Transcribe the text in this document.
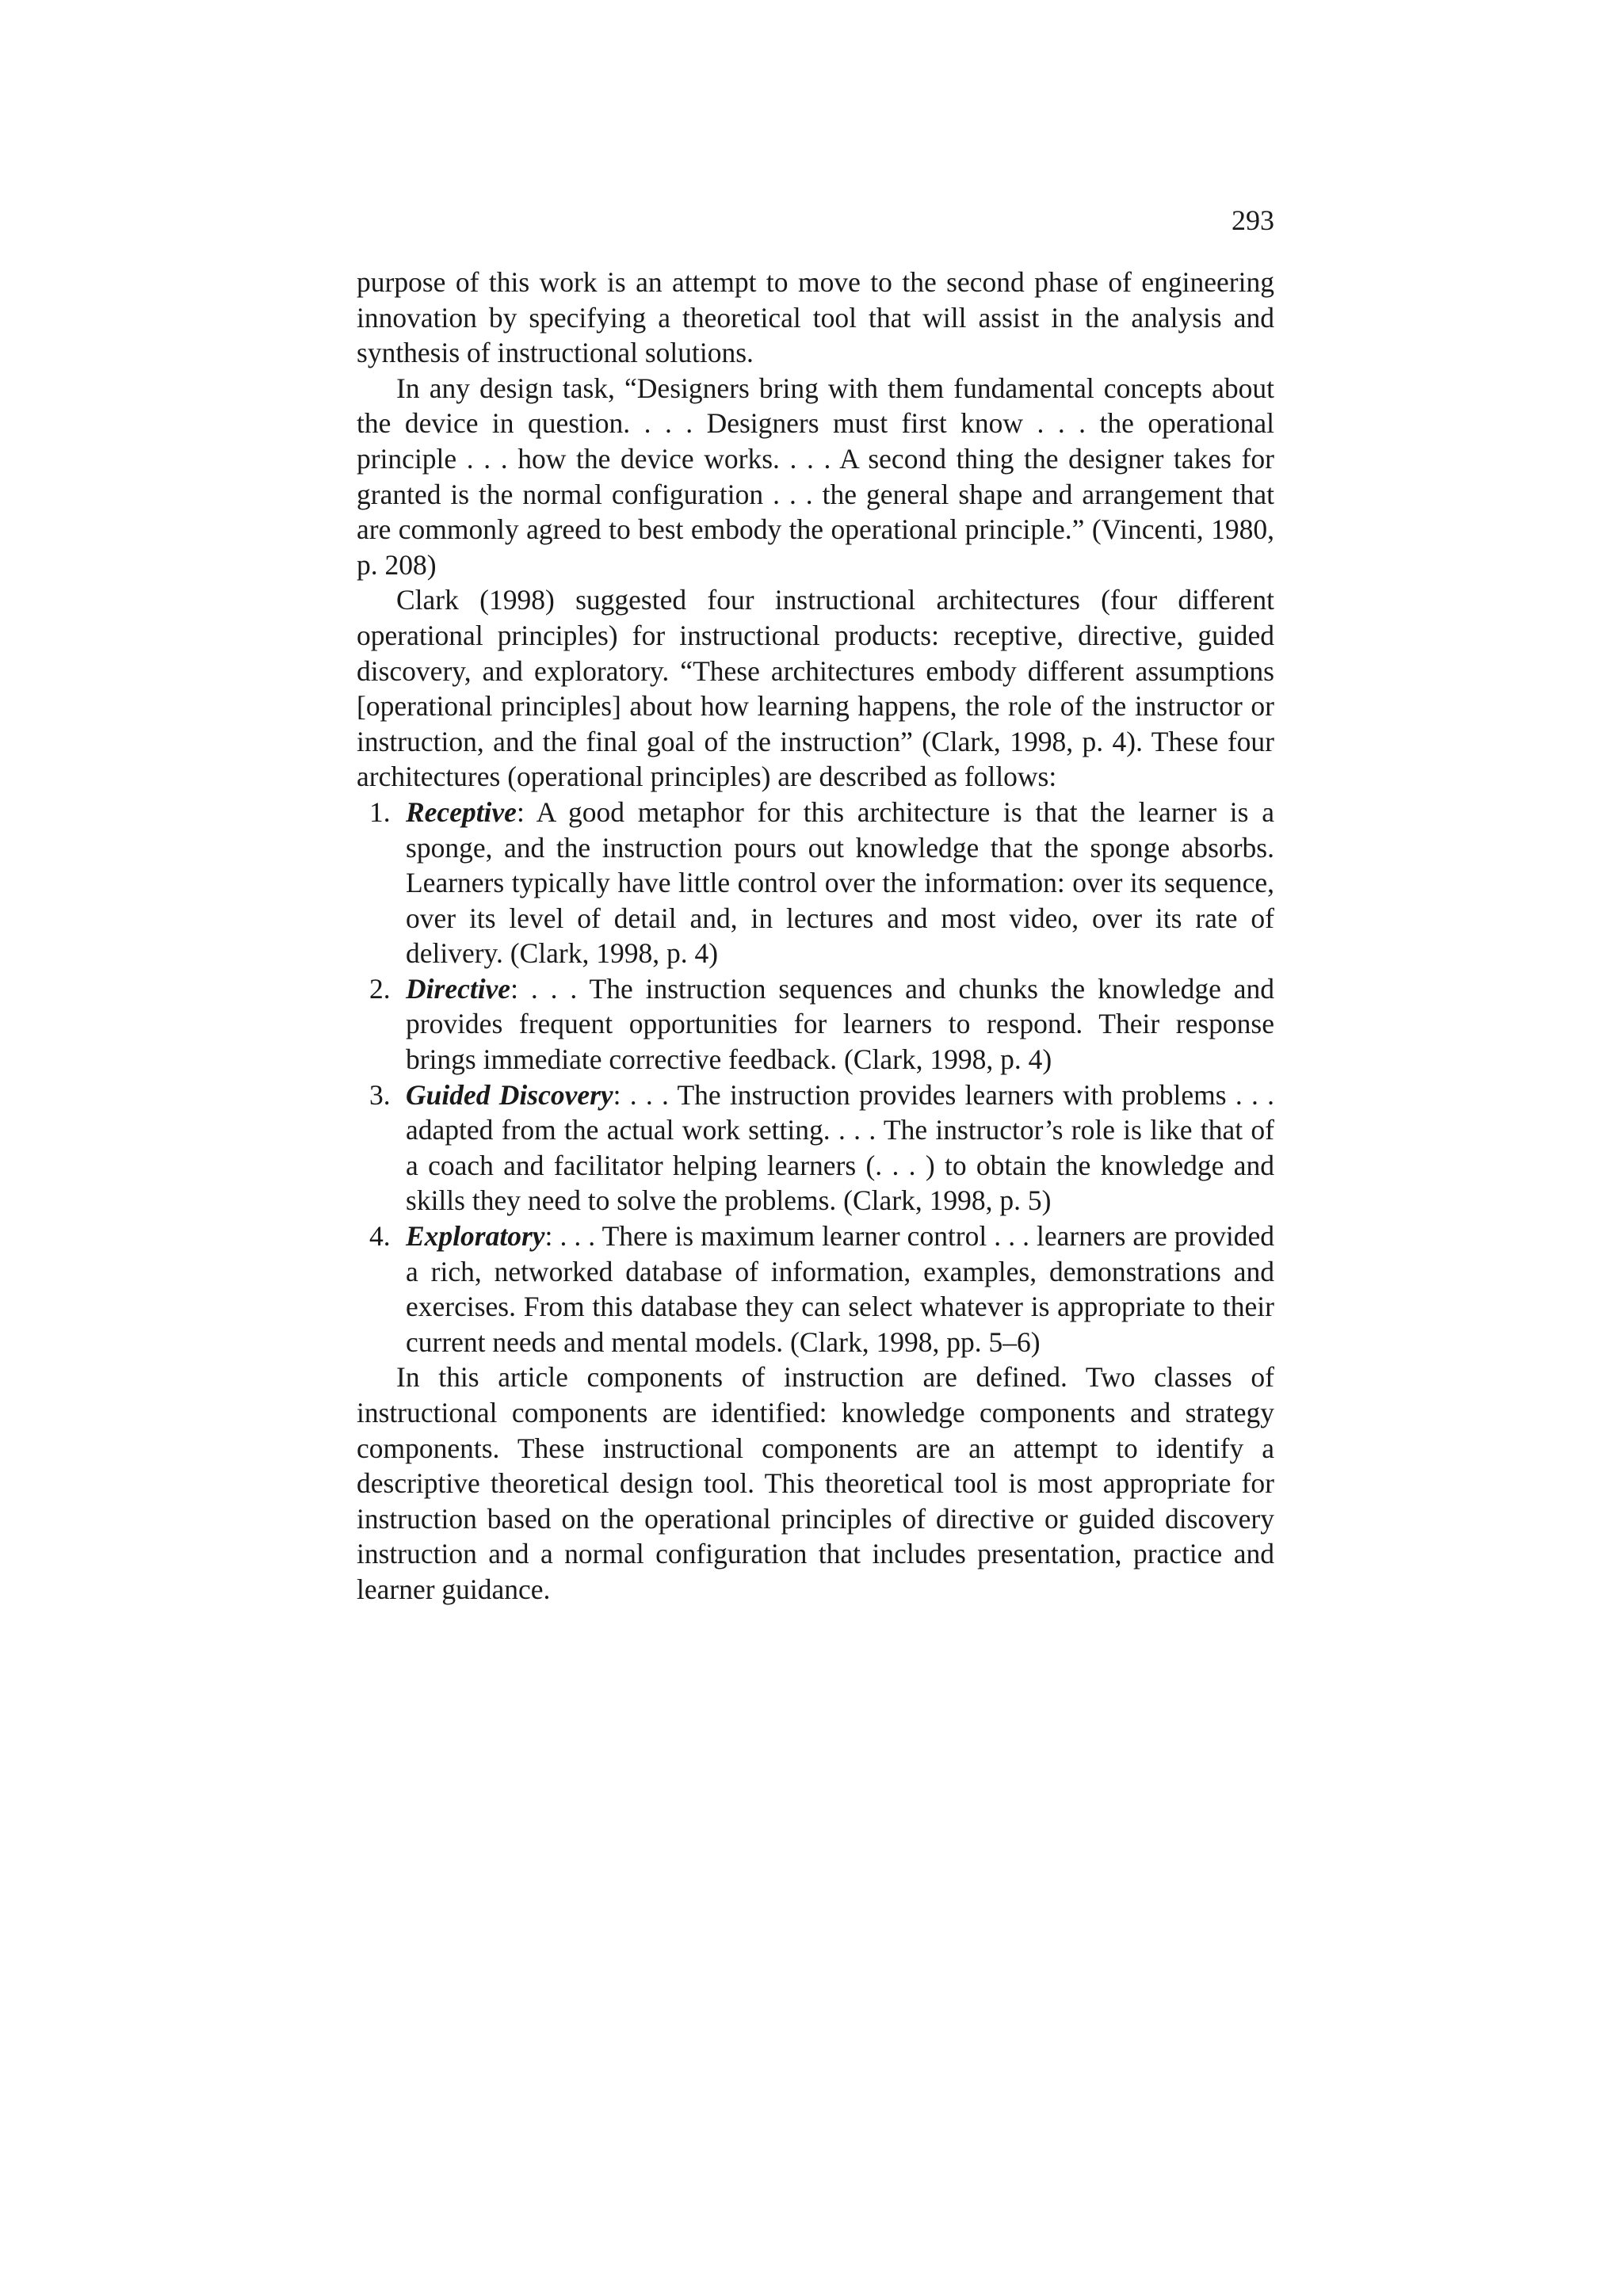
293

purpose of this work is an attempt to move to the second phase of engineering innovation by specifying a theoretical tool that will assist in the analysis and synthesis of instructional solutions.

In any design task, “Designers bring with them fundamental concepts about the device in question. . . . Designers must first know . . . the operational principle . . . how the device works. . . . A second thing the designer takes for granted is the normal configuration . . . the general shape and arrangement that are commonly agreed to best embody the operational principle.” (Vincenti, 1980, p. 208)

Clark (1998) suggested four instructional architectures (four different operational principles) for instructional products: receptive, directive, guided discovery, and exploratory. “These architectures embody different assumptions [operational principles] about how learning happens, the role of the instructor or instruction, and the final goal of the instruction” (Clark, 1998, p. 4). These four architectures (operational principles) are described as follows:

1. Receptive: A good metaphor for this architecture is that the learner is a sponge, and the instruction pours out knowledge that the sponge absorbs. Learners typically have little control over the information: over its sequence, over its level of detail and, in lectures and most video, over its rate of delivery. (Clark, 1998, p. 4)
2. Directive: . . . The instruction sequences and chunks the knowledge and provides frequent opportunities for learners to respond. Their response brings immediate corrective feedback. (Clark, 1998, p. 4)
3. Guided Discovery: . . . The instruction provides learners with problems . . . adapted from the actual work setting. . . . The instructor’s role is like that of a coach and facilitator helping learners (. . . ) to obtain the knowledge and skills they need to solve the problems. (Clark, 1998, p. 5)
4. Exploratory: . . . There is maximum learner control . . . learners are provided a rich, networked database of information, examples, demonstrations and exercises. From this database they can select whatever is appropriate to their current needs and mental models. (Clark, 1998, pp. 5–6)

In this article components of instruction are defined. Two classes of instructional components are identified: knowledge components and strategy components. These instructional components are an attempt to identify a descriptive theoretical design tool. This theoretical tool is most appropriate for instruction based on the operational principles of directive or guided discovery instruction and a normal configuration that includes presentation, practice and learner guidance.
